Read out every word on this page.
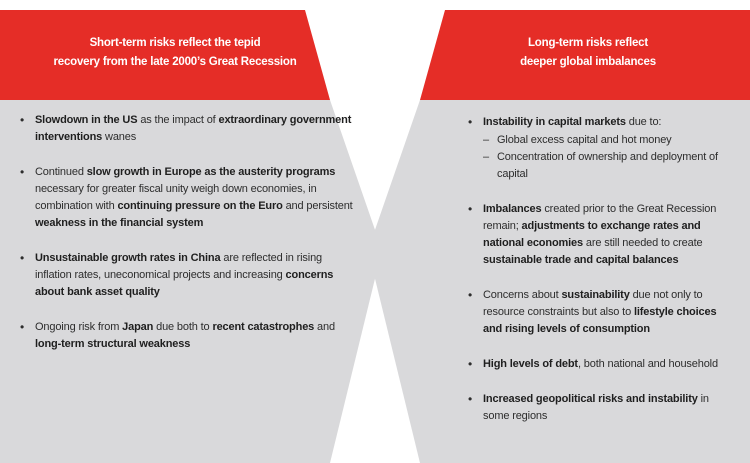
Short-term risks reflect the tepid
recovery from the late 2000’s Great Recession
• Slowdown in the US as the impact of extraordinary government interventions wanes
• Continued slow growth in Europe as the austerity programs necessary for greater fiscal unity weigh down economies, in combination with continuing pressure on the Euro and persistent weakness in the financial system
• Unsustainable growth rates in China are reflected in rising inflation rates, uneconomical projects and increasing concerns about bank asset quality
• Ongoing risk from Japan due both to recent catastrophes and long-term structural weakness
Long-term risks reflect
deeper global imbalances
• Instability in capital markets due to:
– Global excess capital and hot money
– Concentration of ownership and deployment of capital
• Imbalances created prior to the Great Recession remain; adjustments to exchange rates and national economies are still needed to create sustainable trade and capital balances
• Concerns about sustainability due not only to resource constraints but also to lifestyle choices and rising levels of consumption
• High levels of debt, both national and household
• Increased geopolitical risks and instability in some regions
